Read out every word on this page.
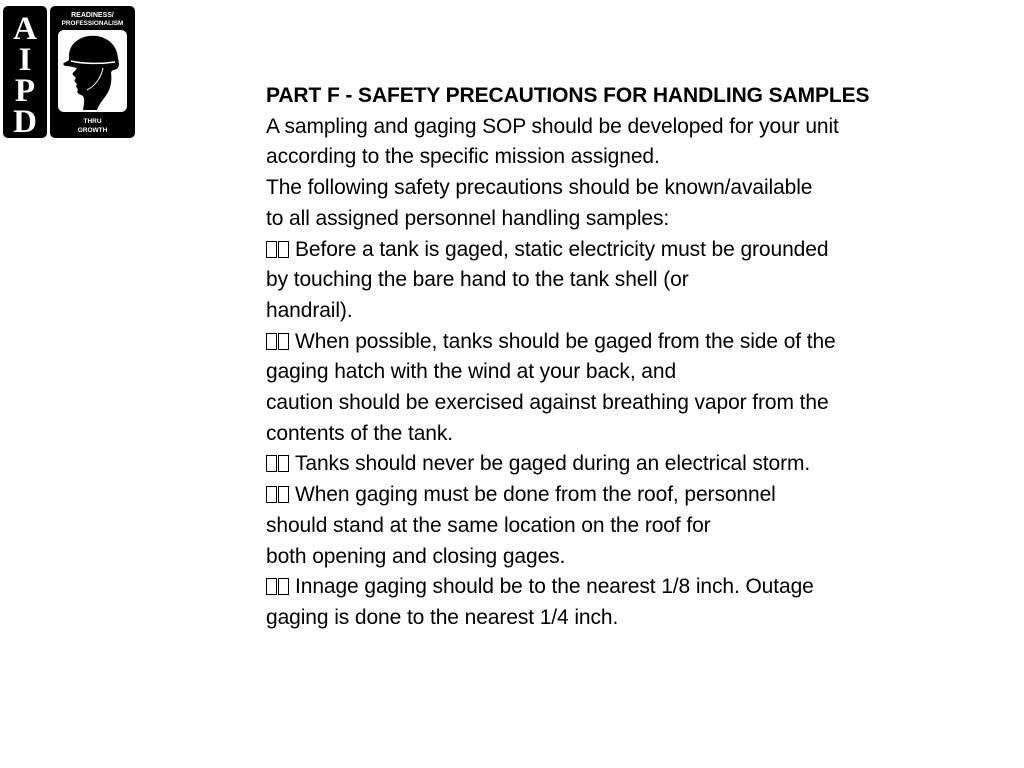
A
I
P
D
READINESS/
PROFESSIONALISM
THRU
GROWTH
PART F - SAFETY PRECAUTIONS FOR HANDLING SAMPLES
A sampling and gaging SOP should be developed for your unit
according to the specific mission assigned.
The following safety precautions should be known/available
to all assigned personnel handling samples:
Before a tank is gaged, static electricity must be grounded
by touching the bare hand to the tank shell (or
handrail).
When possible, tanks should be gaged from the side of the
gaging hatch with the wind at your back, and
caution should be exercised against breathing vapor from the
contents of the tank.
Tanks should never be gaged during an electrical storm.
When gaging must be done from the roof, personnel
should stand at the same location on the roof for
both opening and closing gages.
Innage gaging should be to the nearest 1/8 inch. Outage
gaging is done to the nearest 1/4 inch.
